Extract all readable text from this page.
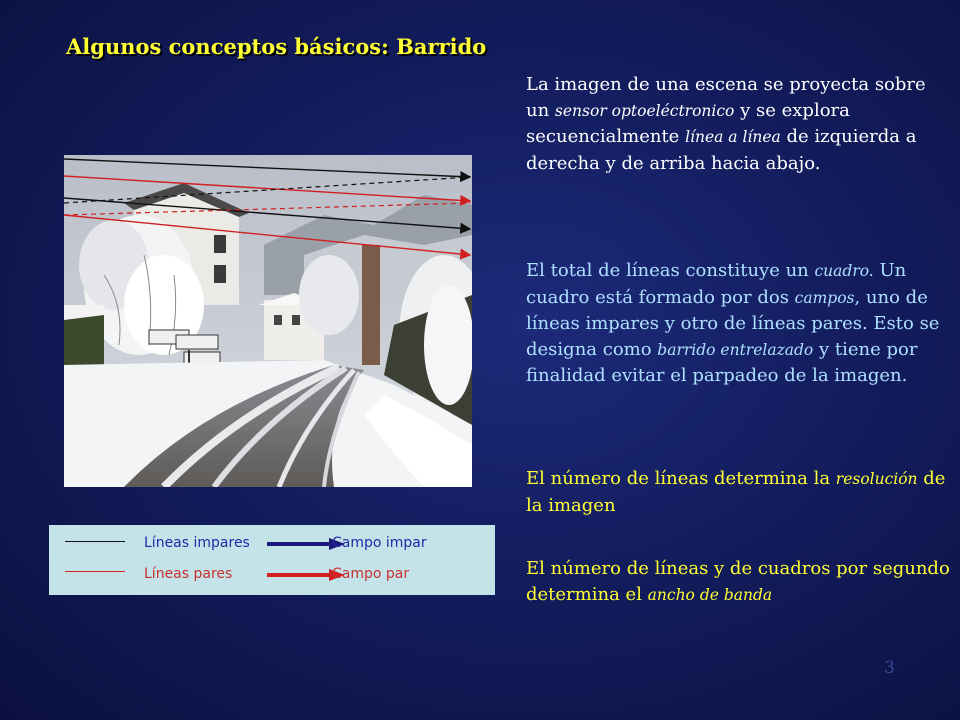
Algunos conceptos básicos: Barrido
La imagen de una escena se proyecta sobre un sensor optoeléctronico y se explora secuencialmente línea a línea de izquierda a derecha y de arriba hacia abajo.
El total de líneas constituye un cuadro. Un cuadro está formado por dos campos, uno de líneas impares y otro de líneas pares. Esto se designa como barrido entrelazado y tiene por finalidad evitar el parpadeo de la imagen.
El número de líneas determina la resolución de la imagen
El número de líneas y de cuadros por segundo determina el ancho de banda
Líneas impares	Campo impar
Líneas pares	Campo par
3
